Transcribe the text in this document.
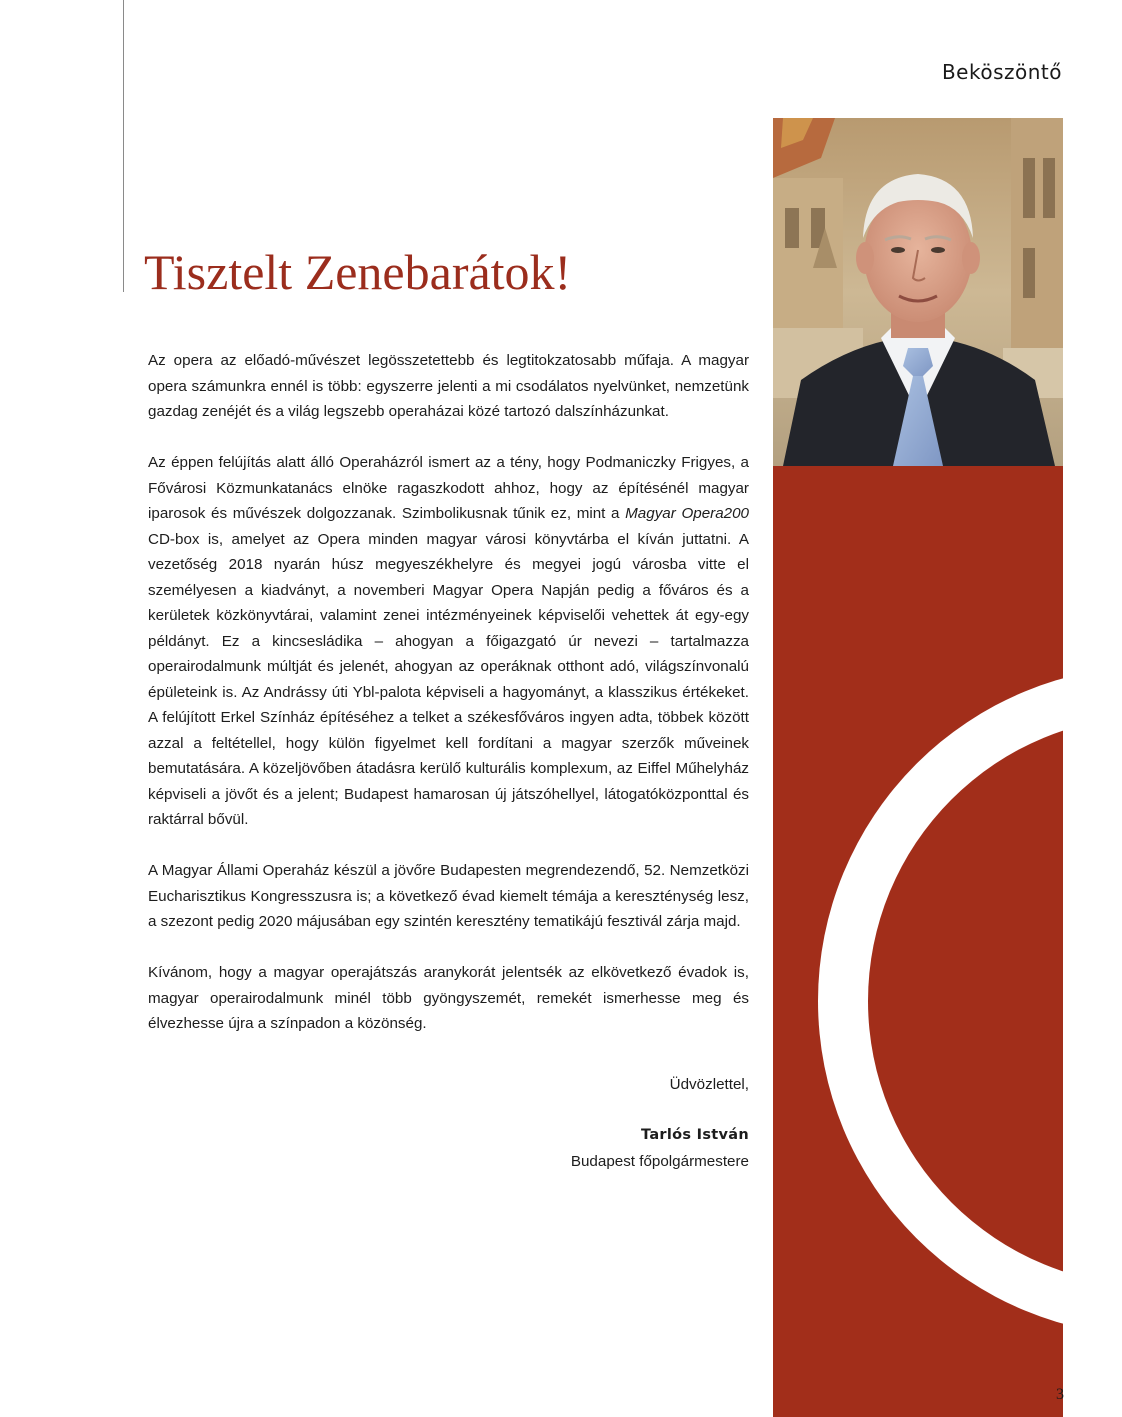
Beköszöntő
Tisztelt Zenebarátok!

Az opera az előadó-művészet legösszetettebb és legtitokzatosabb műfaja. A magyar opera számunkra ennél is több: egyszerre jelenti a mi csodálatos nyelvünket, nemzetünk gazdag zenéjét és a világ legszebb operaházai közé tartozó dalszínházunkat.

Az éppen felújítás alatt álló Operaházról ismert az a tény, hogy Podmaniczky Frigyes, a Fővárosi Közmunkatanács elnöke ragaszkodott ahhoz, hogy az építésénél magyar iparosok és művészek dolgozzanak. Szimbolikusnak tűnik ez, mint a Magyar Opera200 CD-box is, amelyet az Opera minden magyar városi könyvtárba el kíván juttatni. A vezetőség 2018 nyarán húsz megyeszékhelyre és megyei jogú városba vitte el személyesen a kiadványt, a novemberi Magyar Opera Napján pedig a főváros és a kerületek közkönyvtárai, valamint zenei intézményeinek képviselői vehettek át egy-egy példányt. Ez a kincsesládika – ahogyan a főigazgató úr nevezi – tartalmazza operairodalmunk múltját és jelenét, ahogyan az operáknak otthont adó, világszínvonalú épületeink is. Az Andrássy úti Ybl-palota képviseli a hagyományt, a klasszikus értékeket. A felújított Erkel Színház építéséhez a telket a székesfőváros ingyen adta, többek között azzal a feltétellel, hogy külön figyelmet kell fordítani a magyar szerzők műveinek bemutatására. A közeljövőben átadásra kerülő kulturális komplexum, az Eiffel Műhelyház képviseli a jövőt és a jelent; Budapest hamarosan új játszóhellyel, látogatóközponttal és raktárral bővül.

A Magyar Állami Operaház készül a jövőre Budapesten megrendezendő, 52. Nemzetközi Eucharisztikus Kongresszusra is; a következő évad kiemelt témája a kereszténység lesz, a szezont pedig 2020 májusában egy szintén keresztény tematikájú fesztivál zárja majd.

Kívánom, hogy a magyar operajátszás aranykorát jelentsék az elkövetkező évadok is, magyar operairodalmunk minél több gyöngyszemét, remekét ismerhesse meg és élvezhesse újra a színpadon a közönség.

Üdvözlettel,
Tarlós István
Budapest főpolgármestere
3
